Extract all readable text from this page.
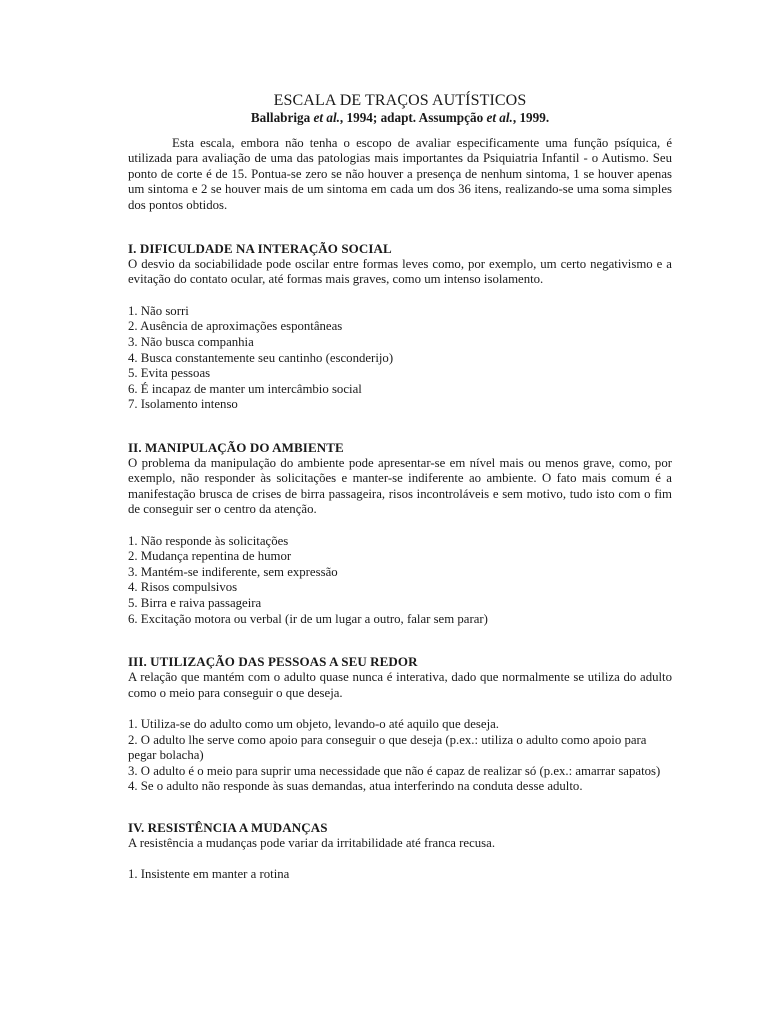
ESCALA DE TRAÇOS AUTÍSTICOS
Ballabriga et al., 1994; adapt. Assumpção et al., 1999.

Esta escala, embora não tenha o escopo de avaliar especificamente uma função psíquica, é utilizada para avaliação de uma das patologias mais importantes da Psiquiatria Infantil - o Autismo. Seu ponto de corte é de 15. Pontua-se zero se não houver a presença de nenhum sintoma, 1 se houver apenas um sintoma e 2 se houver mais de um sintoma em cada um dos 36 itens, realizando-se uma soma simples dos pontos obtidos.

I. DIFICULDADE NA INTERAÇÃO SOCIAL

O desvio da sociabilidade pode oscilar entre formas leves como, por exemplo, um certo negativismo e a evitação do contato ocular, até formas mais graves, como um intenso isolamento.

1. Não sorri
2. Ausência de aproximações espontâneas
3. Não busca companhia
4. Busca constantemente seu cantinho (esconderijo)
5. Evita pessoas
6. É incapaz de manter um intercâmbio social
7. Isolamento intenso

II. MANIPULAÇÃO DO AMBIENTE

O problema da manipulação do ambiente pode apresentar-se em nível mais ou menos grave, como, por exemplo, não responder às solicitações e manter-se indiferente ao ambiente. O fato mais comum é a manifestação brusca de crises de birra passageira, risos incontroláveis e sem motivo, tudo isto com o fim de conseguir ser o centro da atenção.

1. Não responde às solicitações
2. Mudança repentina de humor
3. Mantém-se indiferente, sem expressão
4. Risos compulsivos
5. Birra e raiva passageira
6. Excitação motora ou verbal (ir de um lugar a outro, falar sem parar)

III. UTILIZAÇÃO DAS PESSOAS A SEU REDOR

A relação que mantém com o adulto quase nunca é interativa, dado que normalmente se utiliza do adulto como o meio para conseguir o que deseja.

1. Utiliza-se do adulto como um objeto, levando-o até aquilo que deseja.
2. O adulto lhe serve como apoio para conseguir o que deseja (p.ex.: utiliza o adulto como apoio para pegar bolacha)
3. O adulto é o meio para suprir uma necessidade que não é capaz de realizar só (p.ex.: amarrar sapatos)
4. Se o adulto não responde às suas demandas, atua interferindo na conduta desse adulto.

IV. RESISTÊNCIA A MUDANÇAS

A resistência a mudanças pode variar da irritabilidade até franca recusa.

1. Insistente em manter a rotina
